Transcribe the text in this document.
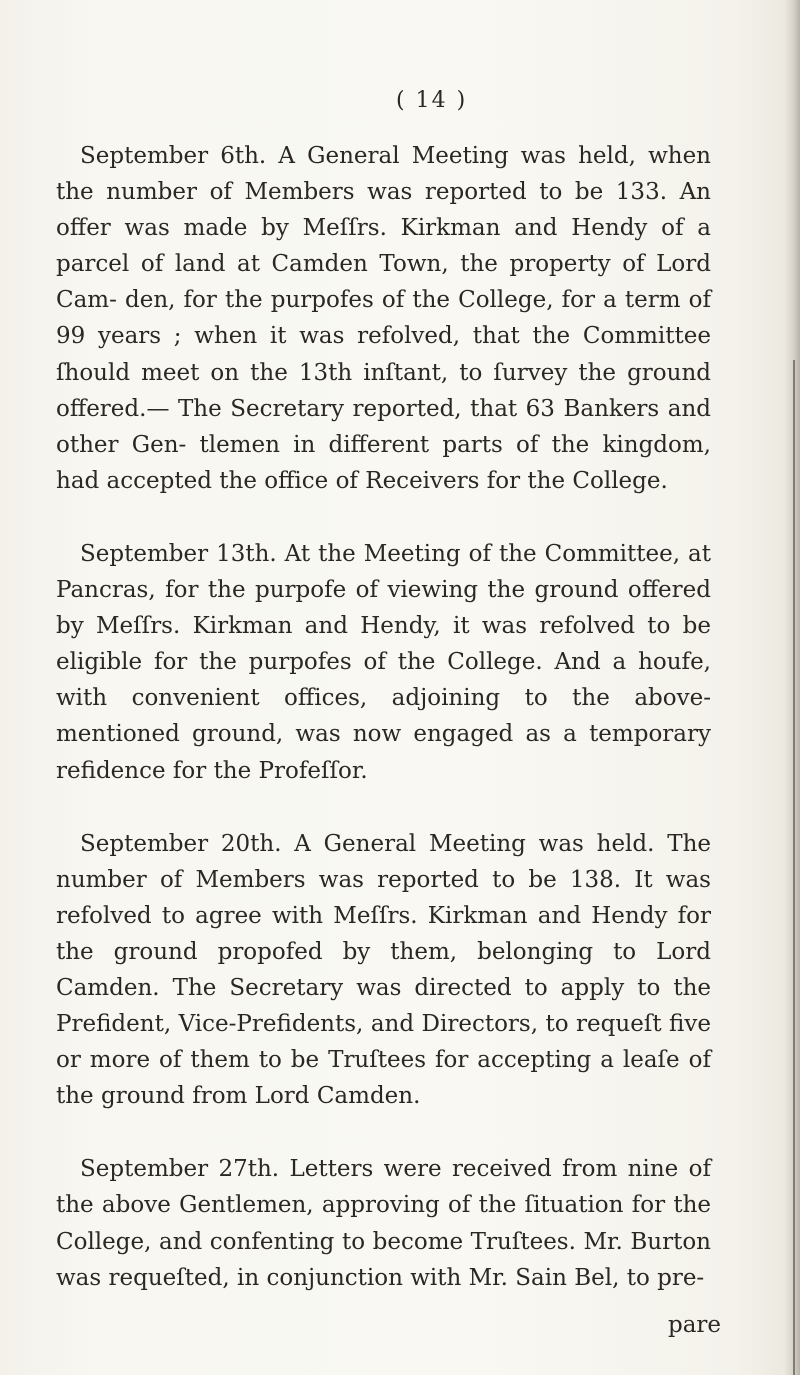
( 14 )

September 6th. A General Meeting was held, when the number of Members was reported to be 133. An offer was made by Meſſrs. Kirkman and Hendy of a parcel of land at Camden Town, the property of Lord Cam- den, for the purpofes of the College, for a term of 99 years ; when it was refolved, that the Committee ſhould meet on the 13th inſtant, to ſurvey the ground offered.— The Secretary reported, that 63 Bankers and other Gen- tlemen in different parts of the kingdom, had accepted the office of Receivers for the College.

September 13th. At the Meeting of the Committee, at Pancras, for the purpofe of viewing the ground offered by Meſſrs. Kirkman and Hendy, it was refolved to be eligible for the purpofes of the College. And a houfe, with convenient offices, adjoining to the above-mentioned ground, was now engaged as a temporary refidence for the Profeſſor.

September 20th. A General Meeting was held. The number of Members was reported to be 138. It was refolved to agree with Meſſrs. Kirkman and Hendy for the ground propofed by them, belonging to Lord Camden. The Secretary was directed to apply to the Prefident, Vice-Prefidents, and Directors, to requeſt five or more of them to be Truſtees for accepting a leaſe of the ground from Lord Camden.

September 27th. Letters were received from nine of the above Gentlemen, approving of the ſituation for the College, and confenting to become Truſtees. Mr. Burton was requeſted, in conjunction with Mr. Sain Bel, to pre-

pare
